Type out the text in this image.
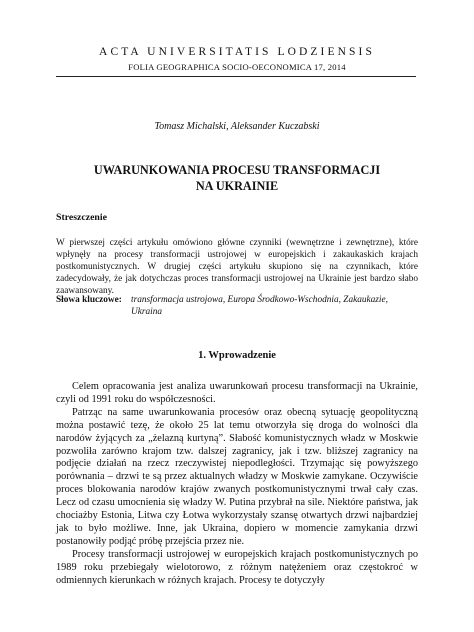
ACTA UNIVERSITATIS LODZIENSIS
FOLIA GEOGRAPHICA SOCIO-OECONOMICA 17, 2014
Tomasz Michalski, Aleksander Kuczabski
UWARUNKOWANIA PROCESU TRANSFORMACJI
NA UKRAINIE
Streszczenie
W pierwszej części artykułu omówiono główne czynniki (wewnętrzne i zewnętrzne), które wpłynęły na procesy transformacji ustrojowej w europejskich i zakaukaskich krajach postkomunistycznych. W drugiej części artykułu skupiono się na czynnikach, które zadecydowały, że jak dotychczas proces transformacji ustrojowej na Ukrainie jest bardzo słabo zaawansowany.
Słowa kluczowe: transformacja ustrojowa, Europa Środkowo-Wschodnia, Zakaukazie, Ukraina
1. Wprowadzenie

Celem opracowania jest analiza uwarunkowań procesu transformacji na Ukrainie, czyli od 1991 roku do współczesności.

Patrząc na same uwarunkowania procesów oraz obecną sytuację geopolityczną można postawić tezę, że około 25 lat temu otworzyła się droga do wolności dla narodów żyjących za „żelazną kurtyną”. Słabość komunistycznych władz w Moskwie pozwoliła zarówno krajom tzw. dalszej zagranicy, jak i tzw. bliższej zagranicy na podjęcie działań na rzecz rzeczywistej niepodległości. Trzymając się powyższego porównania – drzwi te są przez aktualnych władzy w Moskwie zamykane. Oczywiście proces blokowania narodów krajów zwanych postkomunistycznymi trwał cały czas. Lecz od czasu umocnienia się władzy W. Putina przybrał na sile. Niektóre państwa, jak chociażby Estonia, Litwa czy Łotwa wykorzystały szansę otwartych drzwi najbardziej jak to było możliwe. Inne, jak Ukraina, dopiero w momencie zamykania drzwi postanowiły podjąć próbę przejścia przez nie.

Procesy transformacji ustrojowej w europejskich krajach postkomunistycznych po 1989 roku przebiegały wielotorowo, z różnym natężeniem oraz częstokroć w odmiennych kierunkach w różnych krajach. Procesy te dotyczyły
